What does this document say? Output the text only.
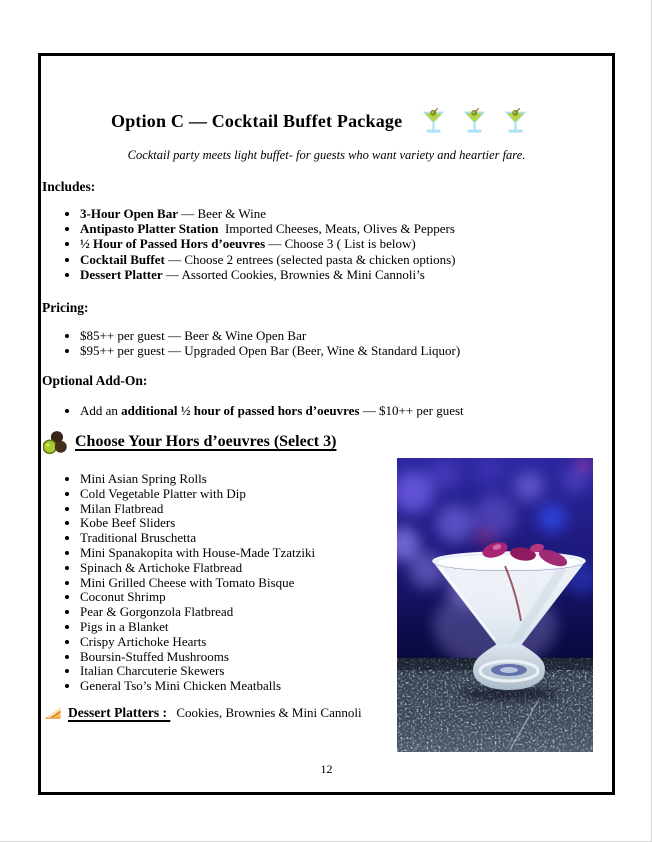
Option C — Cocktail Buffet Package
Cocktail party meets light buffet- for guests who want variety and heartier fare.
Includes:
• 3-Hour Open Bar — Beer & Wine
• Antipasto Platter Station  Imported Cheeses, Meats, Olives & Peppers
• ½ Hour of Passed Hors d’oeuvres — Choose 3 ( List is below)
• Cocktail Buffet — Choose 2 entrees (selected pasta & chicken options)
• Dessert Platter — Assorted Cookies, Brownies & Mini Cannoli’s
Pricing:
• $85++ per guest — Beer & Wine Open Bar
• $95++ per guest — Upgraded Open Bar (Beer, Wine & Standard Liquor)
Optional Add-On:
• Add an additional ½ hour of passed hors d’oeuvres — $10++ per guest
Choose Your Hors d’oeuvres (Select 3)
• Mini Asian Spring Rolls
• Cold Vegetable Platter with Dip
• Milan Flatbread
• Kobe Beef Sliders
• Traditional Bruschetta
• Mini Spanakopita with House-Made Tzatziki
• Spinach & Artichoke Flatbread
• Mini Grilled Cheese with Tomato Bisque
• Coconut Shrimp
• Pear & Gorgonzola Flatbread
• Pigs in a Blanket
• Crispy Artichoke Hearts
• Boursin-Stuffed Mushrooms
• Italian Charcuterie Skewers
• General Tso’s Mini Chicken Meatballs
Dessert Platters : Cookies, Brownies & Mini Cannoli
12
